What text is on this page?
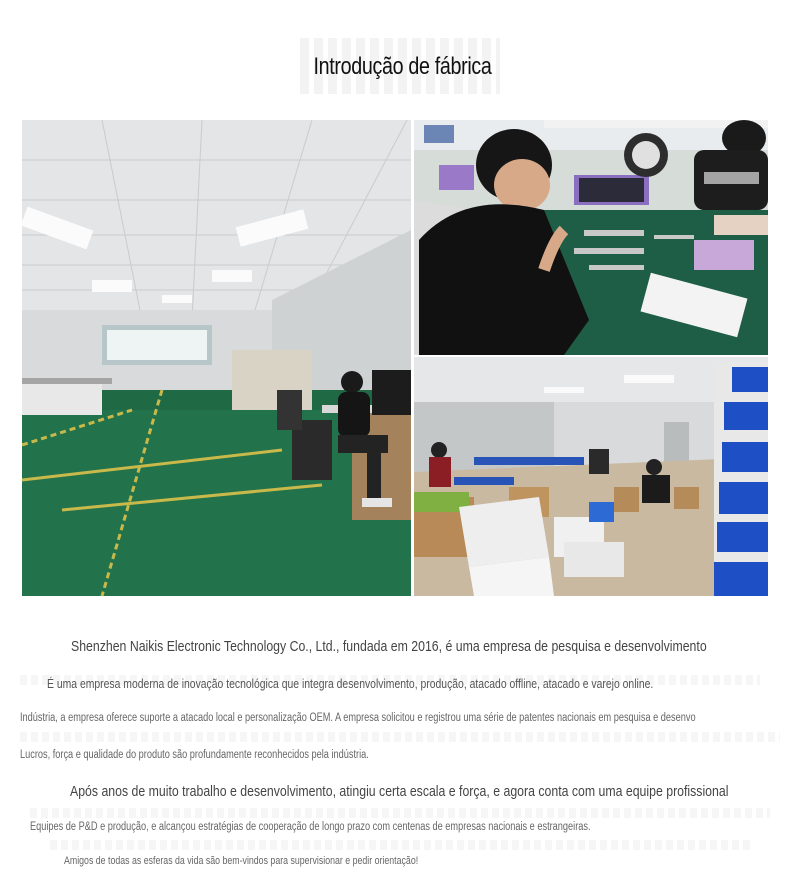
Introdução de fábrica
Shenzhen Naikis Electronic Technology Co., Ltd., fundada em 2016, é uma empresa de pesquisa e desenvolvimento
É uma empresa moderna de inovação tecnológica que integra desenvolvimento, produção, atacado offline, atacado e varejo online.
Indústria, a empresa oferece suporte a atacado local e personalização OEM. A empresa solicitou e registrou uma série de patentes nacionais em pesquisa e desenvo
Lucros, força e qualidade do produto são profundamente reconhecidos pela indústria.
Após anos de muito trabalho e desenvolvimento, atingiu certa escala e força, e agora conta com uma equipe profissional
Equipes de P&D e produção, e alcançou estratégias de cooperação de longo prazo com centenas de empresas nacionais e estrangeiras.
Amigos de todas as esferas da vida são bem-vindos para supervisionar e pedir orientação!
